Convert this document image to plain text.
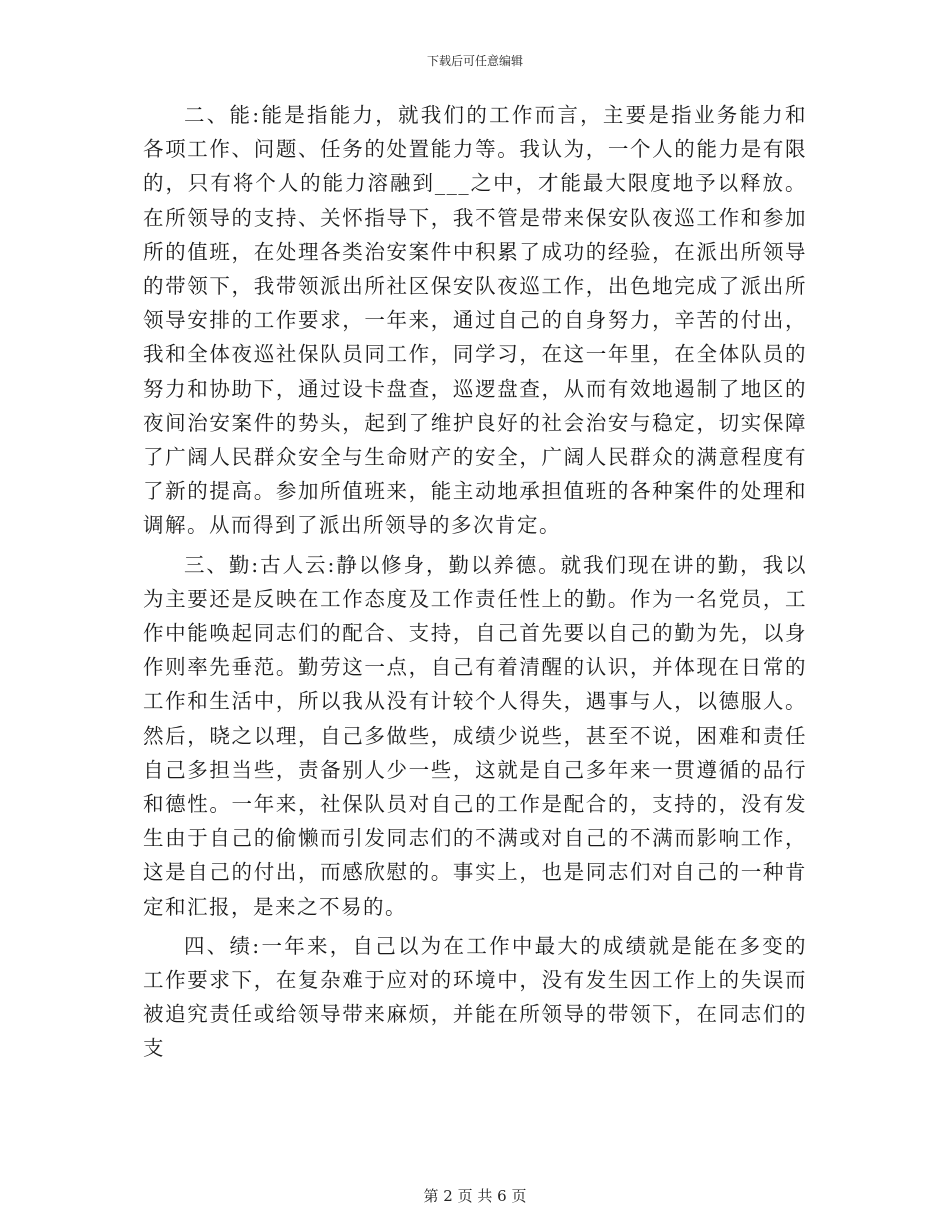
下载后可任意编辑

二、能:能是指能力，就我们的工作而言，主要是指业务能力和各项工作、问题、任务的处置能力等。我认为，一个人的能力是有限的，只有将个人的能力溶融到___之中，才能最大限度地予以释放。在所领导的支持、关怀指导下，我不管是带来保安队夜巡工作和参加所的值班，在处理各类治安案件中积累了成功的经验，在派出所领导的带领下，我带领派出所社区保安队夜巡工作，出色地完成了派出所领导安排的工作要求，一年来，通过自己的自身努力，辛苦的付出，我和全体夜巡社保队员同工作，同学习，在这一年里，在全体队员的努力和协助下，通过设卡盘查，巡逻盘查，从而有效地遏制了地区的夜间治安案件的势头，起到了维护良好的社会治安与稳定，切实保障了广阔人民群众安全与生命财产的安全，广阔人民群众的满意程度有了新的提高。参加所值班来，能主动地承担值班的各种案件的处理和调解。从而得到了派出所领导的多次肯定。

三、勤:古人云:静以修身，勤以养德。就我们现在讲的勤，我以为主要还是反映在工作态度及工作责任性上的勤。作为一名党员，工作中能唤起同志们的配合、支持，自己首先要以自己的勤为先，以身作则率先垂范。勤劳这一点，自己有着清醒的认识，并体现在日常的工作和生活中，所以我从没有计较个人得失，遇事与人，以德服人。然后，晓之以理，自己多做些，成绩少说些，甚至不说，困难和责任自己多担当些，责备别人少一些，这就是自己多年来一贯遵循的品行和德性。一年来，社保队员对自己的工作是配合的，支持的，没有发生由于自己的偷懒而引发同志们的不满或对自己的不满而影响工作，这是自己的付出，而感欣慰的。事实上，也是同志们对自己的一种肯定和汇报，是来之不易的。

四、绩:一年来，自己以为在工作中最大的成绩就是能在多变的工作要求下，在复杂难于应对的环境中，没有发生因工作上的失误而被追究责任或给领导带来麻烦，并能在所领导的带领下，在同志们的支

第 2 页 共 6 页
